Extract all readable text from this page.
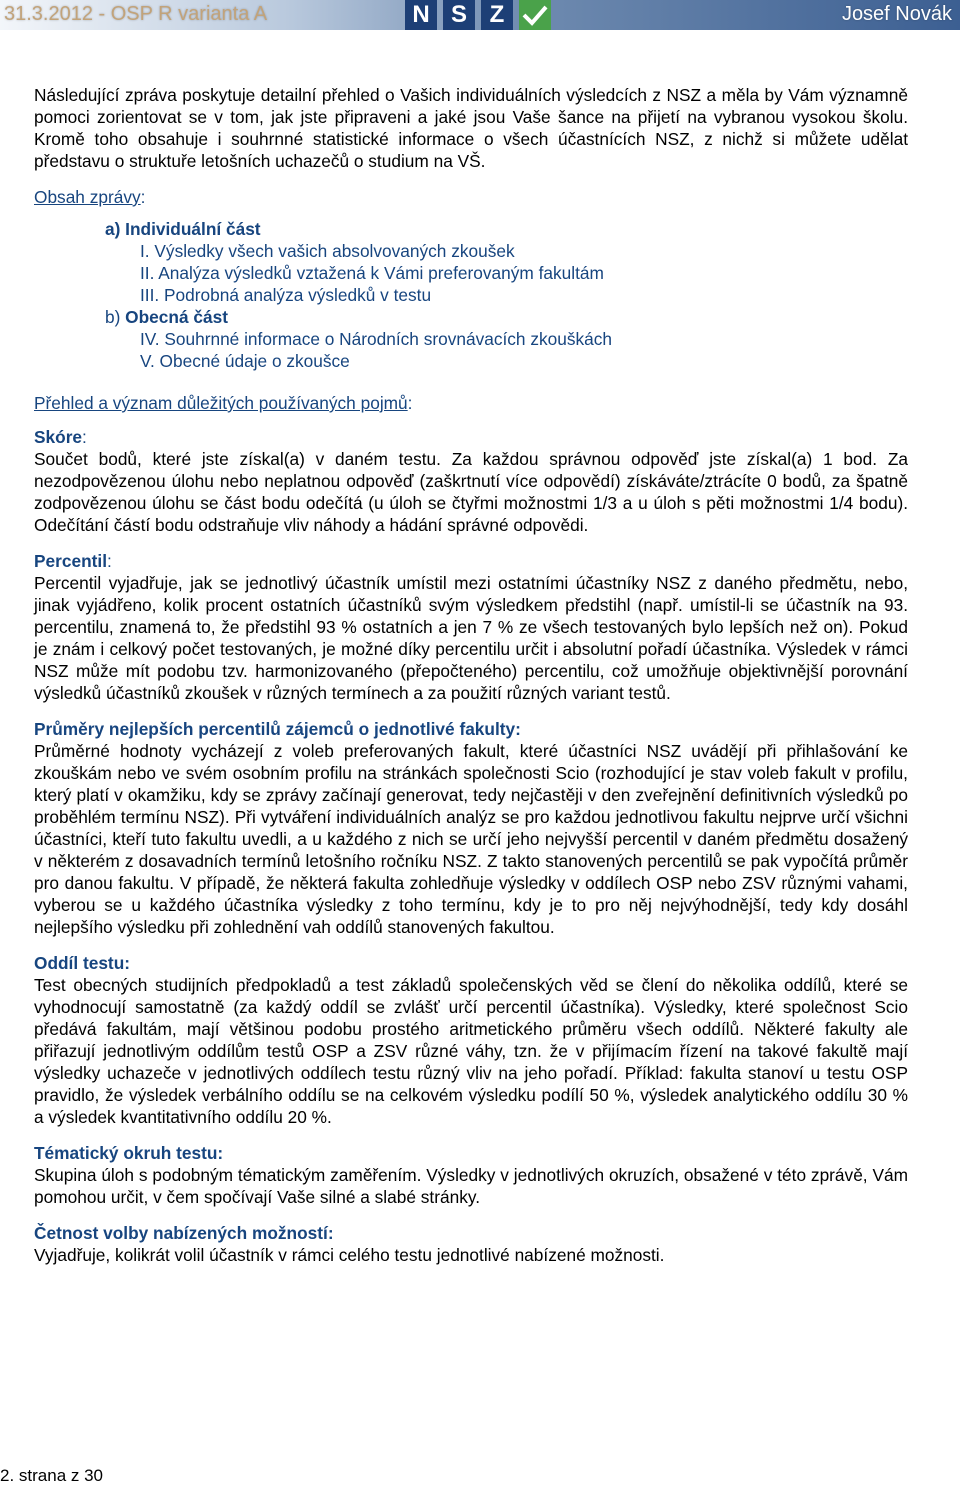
31.3.2012 - OSP R varianta A	N S Z	Josef Novák

Následující zpráva poskytuje detailní přehled o Vašich individuálních výsledcích z NSZ a měla by Vám významně pomoci zorientovat se v tom, jak jste připraveni a jaké jsou Vaše šance na přijetí na vybranou vysokou školu. Kromě toho obsahuje i souhrnné statistické informace o všech účastnících NSZ, z nichž si můžete udělat představu o struktuře letošních uchazečů o studium na VŠ.

Obsah zprávy:

a) Individuální část

I. Výsledky všech vašich absolvovaných zkoušek

II. Analýza výsledků vztažená k Vámi preferovaným fakultám

III. Podrobná analýza výsledků v testu

b) Obecná část

IV. Souhrnné informace o Národních srovnávacích zkouškách

V. Obecné údaje o zkoušce

Přehled a význam důležitých používaných pojmů:

Skóre:

Součet bodů, které jste získal(a) v daném testu. Za každou správnou odpověď jste získal(a) 1 bod. Za nezodpovězenou úlohu nebo neplatnou odpověď (zaškrtnutí více odpovědí) získáváte/ztrácíte 0 bodů, za špatně zodpovězenou úlohu se část bodu odečítá (u úloh se čtyřmi možnostmi 1/3 a u úloh s pěti možnostmi 1/4 bodu). Odečítání částí bodu odstraňuje vliv náhody a hádání správné odpovědi.

Percentil:

Percentil vyjadřuje, jak se jednotlivý účastník umístil mezi ostatními účastníky NSZ z daného předmětu, nebo, jinak vyjádřeno, kolik procent ostatních účastníků svým výsledkem předstihl (např. umístil-li se účastník na 93. percentilu, znamená to, že předstihl 93 % ostatních a jen 7 % ze všech testovaných bylo lepších než on). Pokud je znám i celkový počet testovaných, je možné díky percentilu určit i absolutní pořadí účastníka. Výsledek v rámci NSZ může mít podobu tzv. harmonizovaného (přepočteného) percentilu, což umožňuje objektivnější porovnání výsledků účastníků zkoušek v různých termínech a za použití různých variant testů.

Průměry nejlepších percentilů zájemců o jednotlivé fakulty:

Průměrné hodnoty vycházejí z voleb preferovaných fakult, které účastníci NSZ uvádějí při přihlašování ke zkouškám nebo ve svém osobním profilu na stránkách společnosti Scio (rozhodující je stav voleb fakult v profilu, který platí v okamžiku, kdy se zprávy začínají generovat, tedy nejčastěji v den zveřejnění definitivních výsledků po proběhlém termínu NSZ). Při vytváření individuálních analýz se pro každou jednotlivou fakultu nejprve určí všichni účastníci, kteří tuto fakultu uvedli, a u každého z nich se určí jeho nejvyšší percentil v daném předmětu dosažený v některém z dosavadních termínů letošního ročníku NSZ. Z takto stanovených percentilů se pak vypočítá průměr pro danou fakultu. V případě, že některá fakulta zohledňuje výsledky v oddílech OSP nebo ZSV různými vahami, vyberou se u každého účastníka výsledky z toho termínu, kdy je to pro něj nejvýhodnější, tedy kdy dosáhl nejlepšího výsledku při zohlednění vah oddílů stanovených fakultou.

Oddíl testu:

Test obecných studijních předpokladů a test základů společenských věd se člení do několika oddílů, které se vyhodnocují samostatně (za každý oddíl se zvlášť určí percentil účastníka). Výsledky, které společnost Scio předává fakultám, mají většinou podobu prostého aritmetického průměru všech oddílů. Některé fakulty ale přiřazují jednotlivým oddílům testů OSP a ZSV různé váhy, tzn. že v přijímacím řízení na takové fakultě mají výsledky uchazeče v jednotlivých oddílech testu různý vliv na jeho pořadí. Příklad: fakulta stanoví u testu OSP pravidlo, že výsledek verbálního oddílu se na celkovém výsledku podílí 50 %, výsledek analytického oddílu 30 % a výsledek kvantitativního oddílu 20 %.

Tématický okruh testu:

Skupina úloh s podobným tématickým zaměřením. Výsledky v jednotlivých okruzích, obsažené v této zprávě, Vám pomohou určit, v čem spočívají Vaše silné a slabé stránky.

Četnost volby nabízených možností:

Vyjadřuje, kolikrát volil účastník v rámci celého testu jednotlivé nabízené možnosti.

2. strana z 30
